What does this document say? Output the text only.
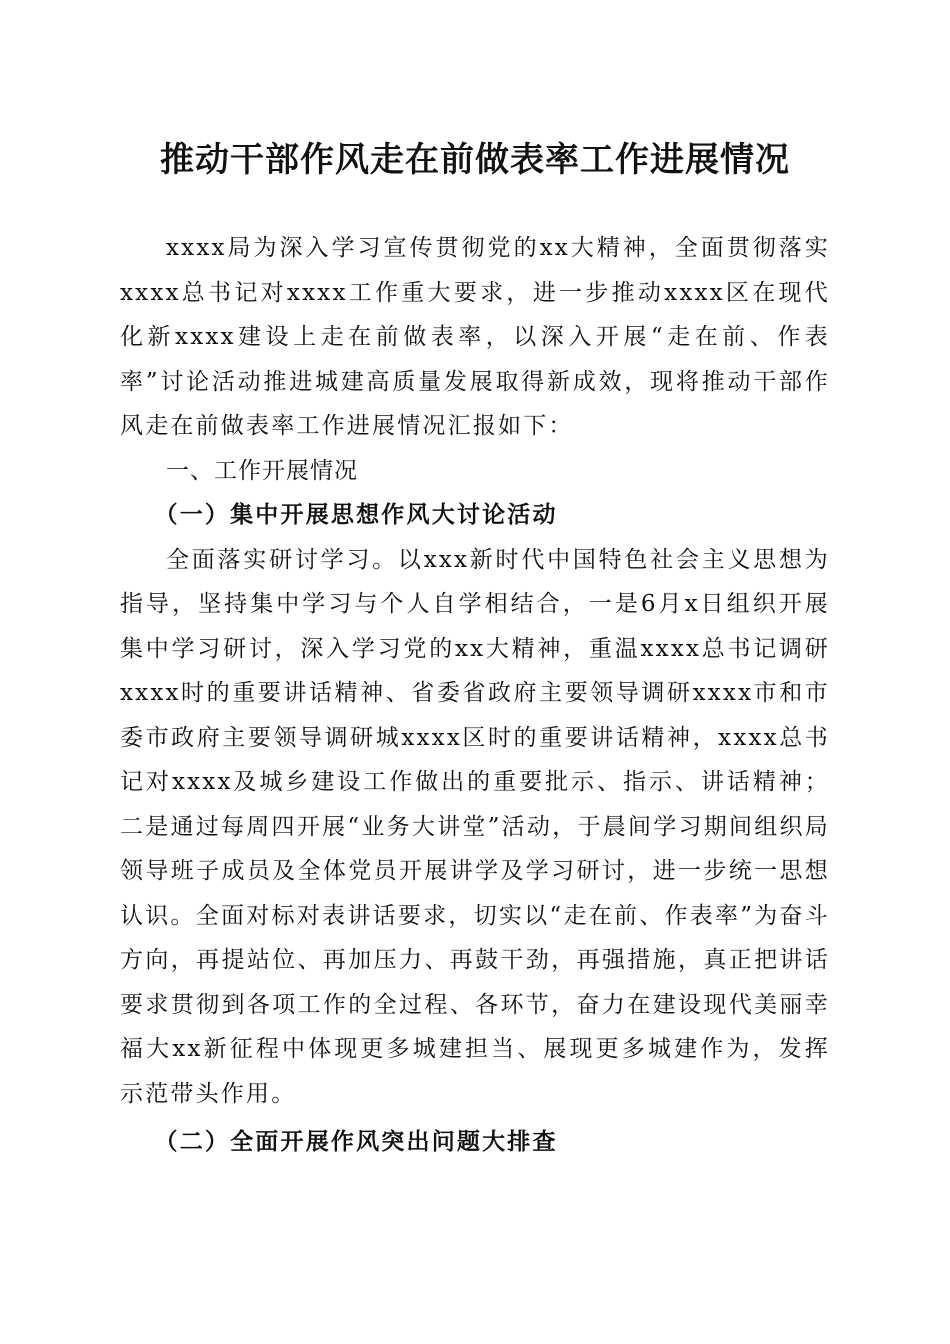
推动干部作风走在前做表率工作进展情况

xxxx局为深入学习宣传贯彻党的xx大精神，全面贯彻落实xxxx总书记对xxxx工作重大要求，进一步推动xxxx区在现代化新xxxx建设上走在前做表率，以深入开展“走在前、作表率”讨论活动推进城建高质量发展取得新成效，现将推动干部作风走在前做表率工作进展情况汇报如下：

一、工作开展情况

（一）集中开展思想作风大讨论活动

全面落实研讨学习。以xxx新时代中国特色社会主义思想为指导，坚持集中学习与个人自学相结合，一是6月x日组织开展集中学习研讨，深入学习党的xx大精神，重温xxxx总书记调研xxxx时的重要讲话精神、省委省政府主要领导调研xxxx市和市委市政府主要领导调研城xxxx区时的重要讲话精神，xxxx总书记对xxxx及城乡建设工作做出的重要批示、指示、讲话精神；二是通过每周四开展“业务大讲堂”活动，于晨间学习期间组织局领导班子成员及全体党员开展讲学及学习研讨，进一步统一思想认识。全面对标对表讲话要求，切实以“走在前、作表率”为奋斗方向，再提站位、再加压力、再鼓干劲，再强措施，真正把讲话要求贯彻到各项工作的全过程、各环节，奋力在建设现代美丽幸福大xx新征程中体现更多城建担当、展现更多城建作为，发挥示范带头作用。

（二）全面开展作风突出问题大排查
